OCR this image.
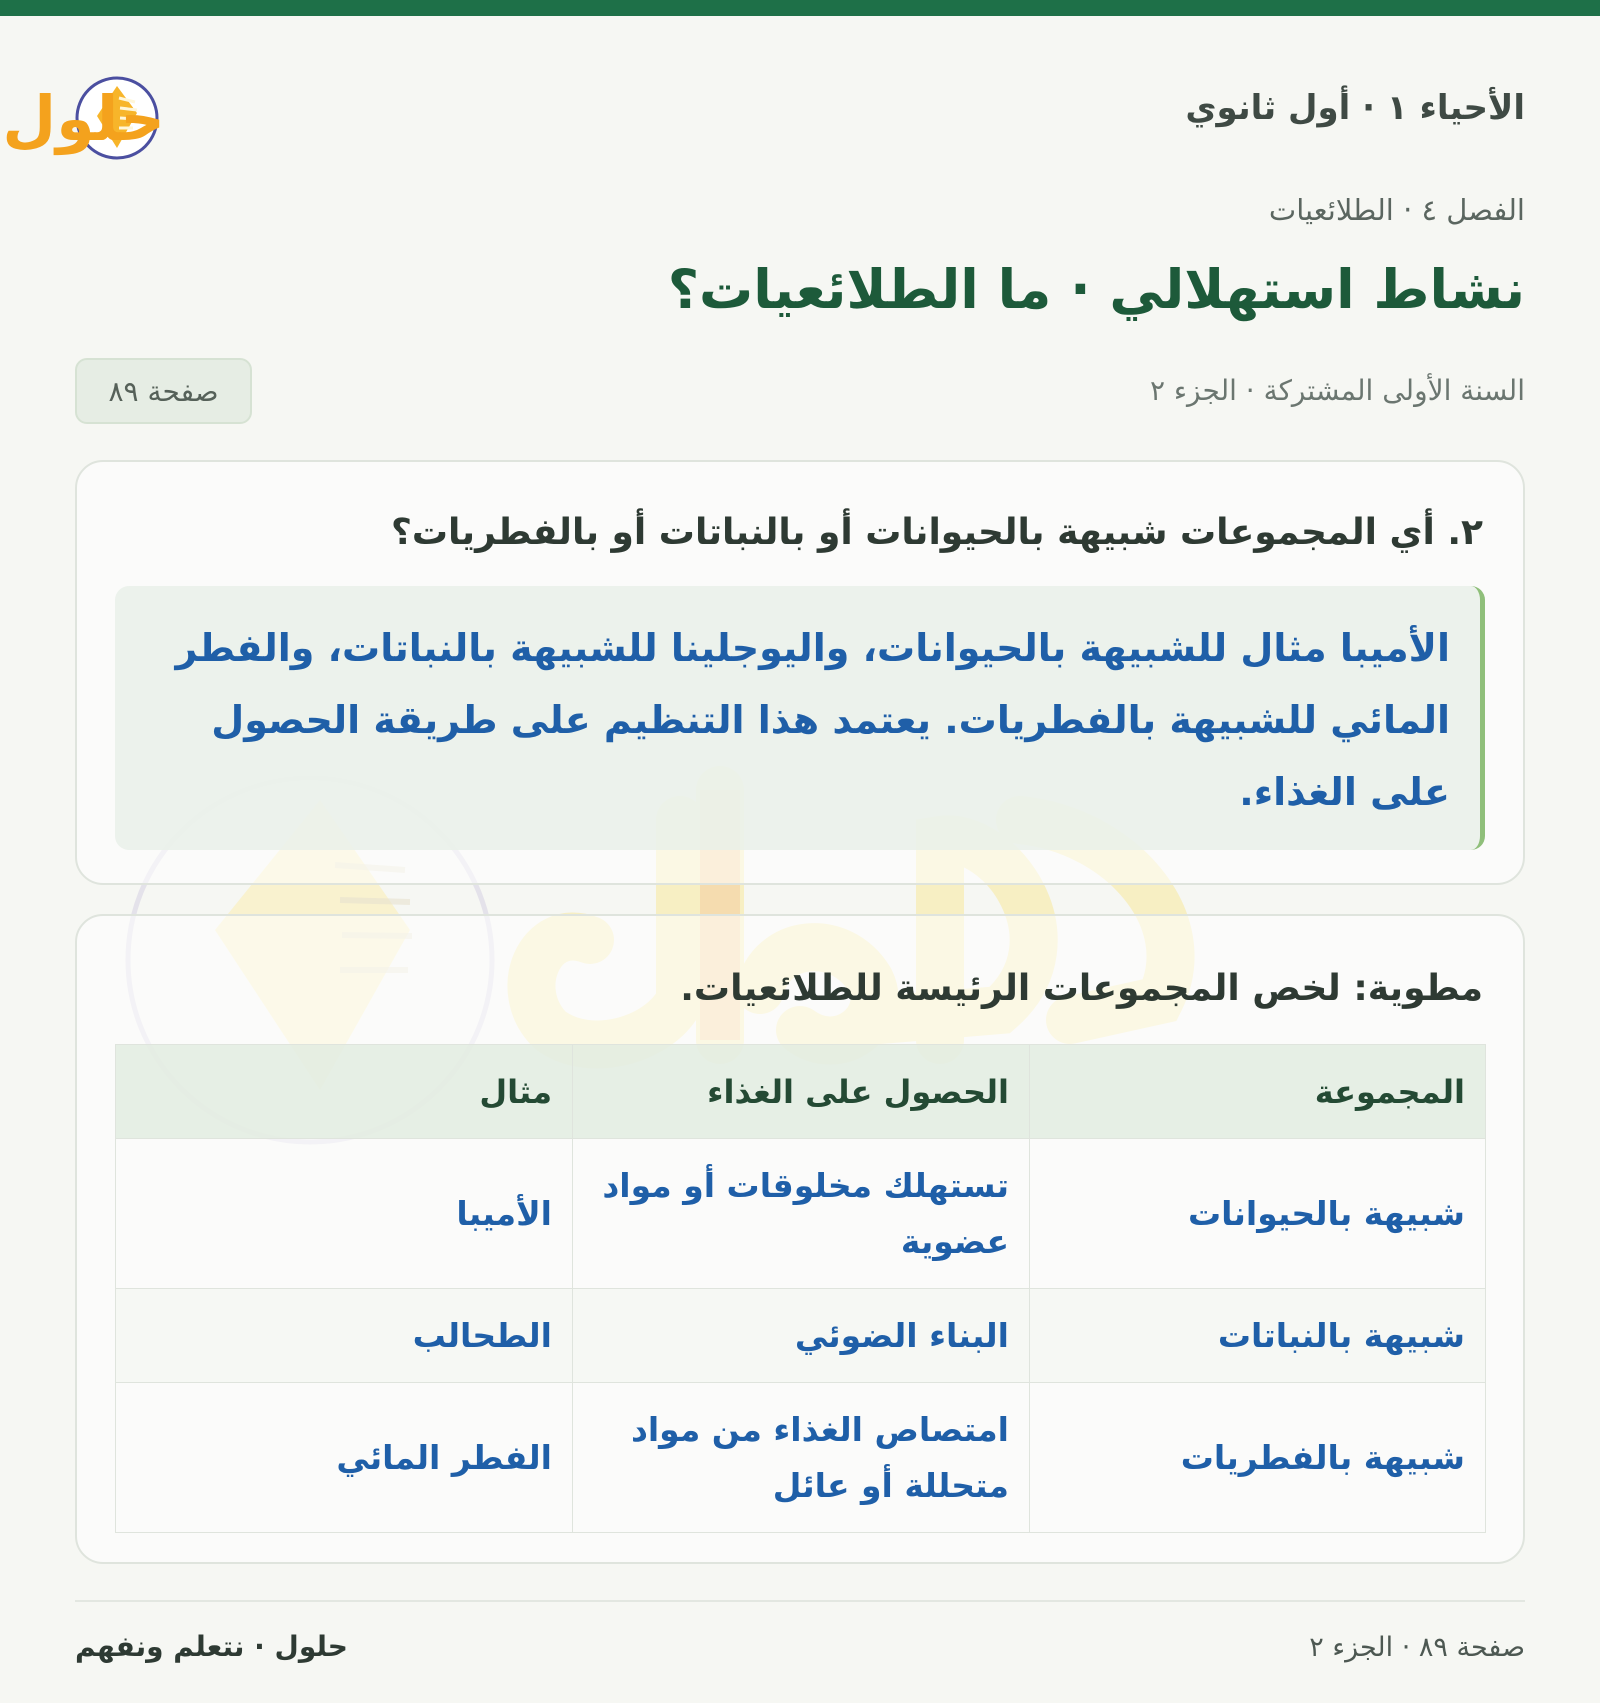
الأحياء ١ · أول ثانوي
حلول
الفصل ٤ · الطلائعيات
نشاط استهلالي · ما الطلائعيات؟
السنة الأولى المشتركة · الجزء ٢
صفحة ٨٩
٢. أي المجموعات شبيهة بالحيوانات أو بالنباتات أو بالفطريات؟
الأميبا مثال للشبيهة بالحيوانات، واليوجلينا للشبيهة بالنباتات، والفطر المائي للشبيهة بالفطريات. يعتمد هذا التنظيم على طريقة الحصول على الغذاء.
مطوية: لخص المجموعات الرئيسة للطلائعيات.
المجموعة	الحصول على الغذاء	مثال
شبيهة بالحيوانات	تستهلك مخلوقات أو مواد عضوية	الأميبا
شبيهة بالنباتات	البناء الضوئي	الطحالب
شبيهة بالفطريات	امتصاص الغذاء من مواد متحللة أو عائل	الفطر المائي
صفحة ٨٩ · الجزء ٢
حلول · نتعلم ونفهم
